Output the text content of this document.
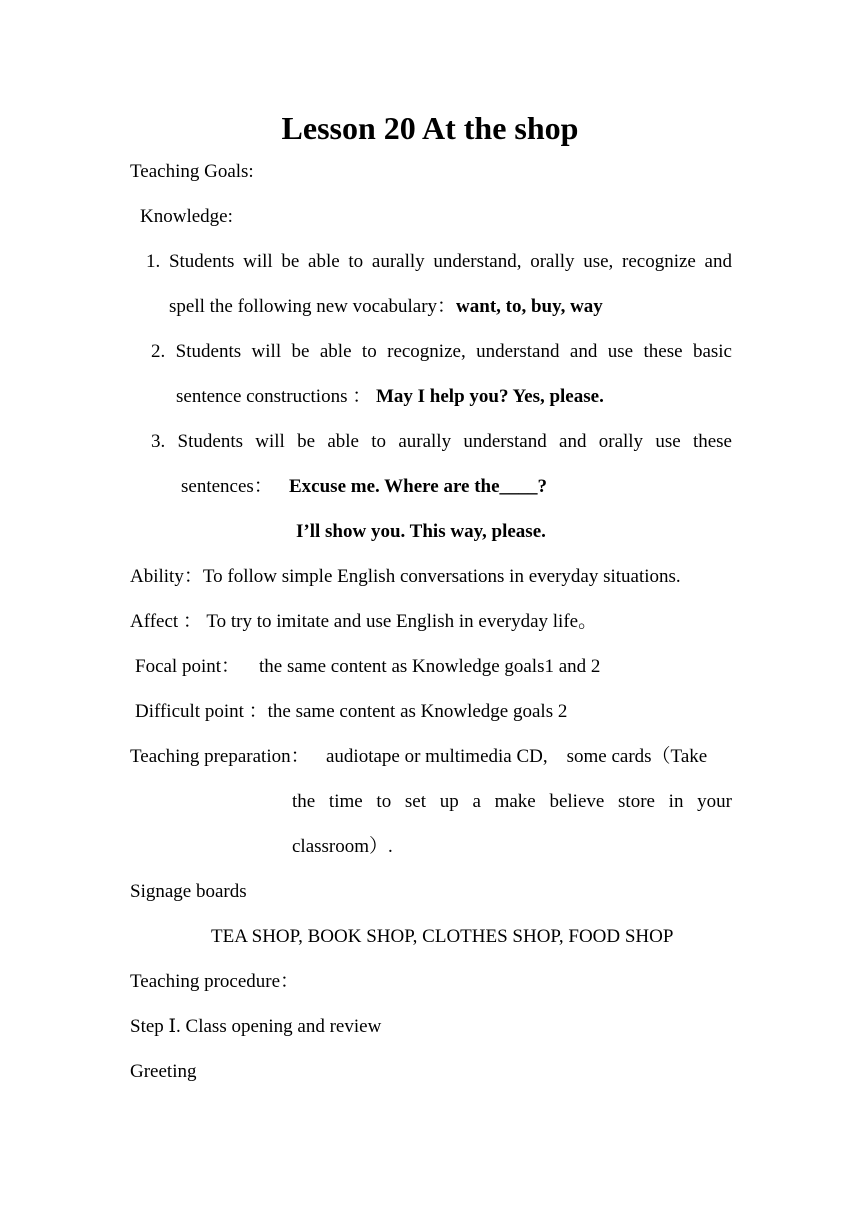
Lesson 20 At the shop
Teaching Goals:
Knowledge:
1. Students will be able to aurally understand, orally use, recognize and
spell the following new vocabulary：want, to, buy, way
2. Students will be able to recognize, understand and use these basic
sentence constructions ： May I help you? Yes, please.
3. Students will be able to aurally understand and orally use these
sentences： Excuse me. Where are the____?
I’ll show you. This way, please.
Ability：To follow simple English conversations in everyday situations.
Affect ： To try to imitate and use English in everyday life。
Focal point： the same content as Knowledge goals1 and 2
Difficult point ：the same content as Knowledge goals 2
Teaching preparation： audiotape or multimedia CD,　some cards（Take
the time to set up a make believe store in your
classroom）.
Signage boards
TEA SHOP, BOOK SHOP, CLOTHES SHOP, FOOD SHOP
Teaching procedure：
Step Ⅰ. Class opening and review
Greeting
